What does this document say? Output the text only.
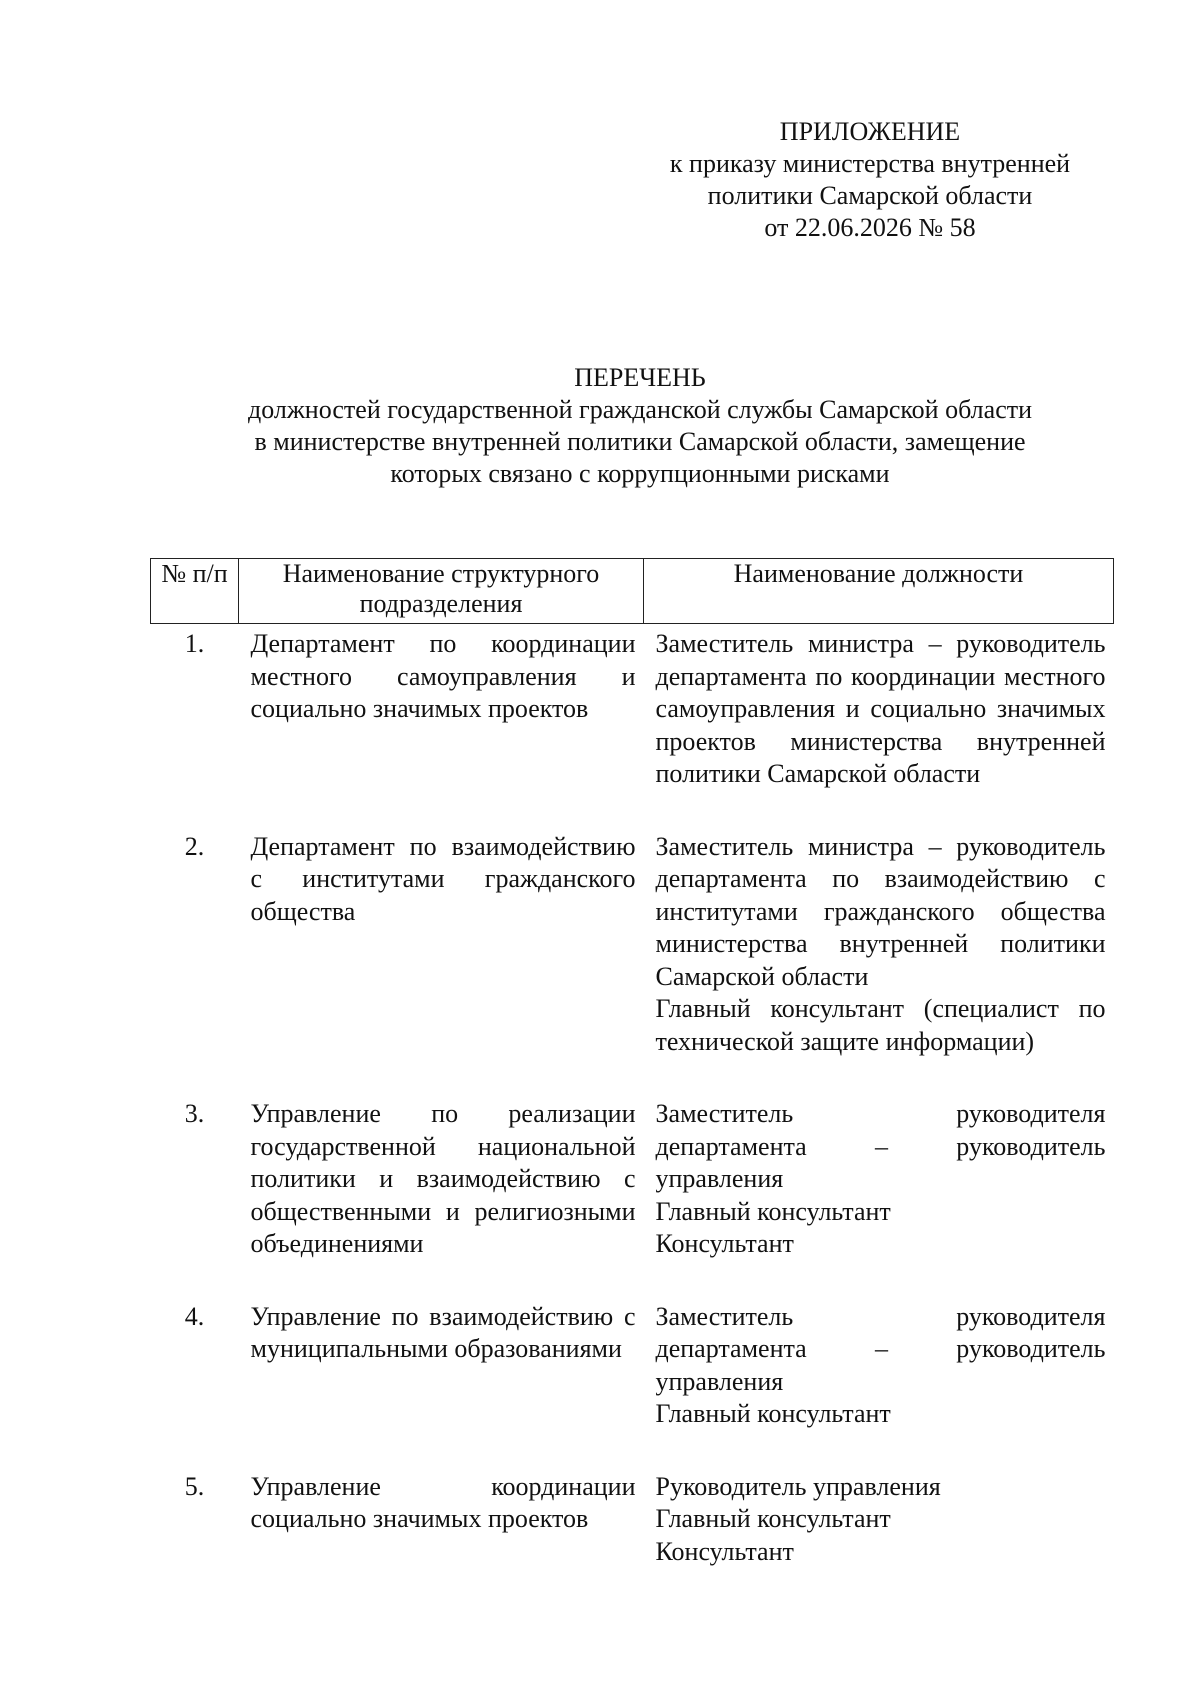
ПРИЛОЖЕНИЕ
к приказу министерства внутренней
политики Самарской области
от 22.06.2026 № 58
ПЕРЕЧЕНЬ
должностей государственной гражданской службы Самарской области
в министерстве внутренней политики Самарской области, замещение
которых связано с коррупционными рисками
№ п/п	Наименование структурного подразделения	Наименование должности
1.	Департамент по координации местного самоуправления и социально значимых проектов	Заместитель министра – руководитель департамента по координации местного самоуправления и социально значимых проектов министерства внутренней политики Самарской области

2.	Департамент по взаимодействию с институтами гражданского общества	Заместитель министра – руководитель департамента по взаимодействию с институтами гражданского общества министерства внутренней политики Самарской области
Главный консультант (специалист по технической защите информации)

3.	Управление по реализации государственной национальной политики и взаимодействию с общественными и религиозными объединениями	Заместитель руководителя департамента – руководитель управления
Главный консультант
Консультант

4.	Управление по взаимодействию с муниципальными образованиями	Заместитель руководителя департамента – руководитель управления
Главный консультант

5.	Управление координации социально значимых проектов	Руководитель управления
Главный консультант
Консультант
